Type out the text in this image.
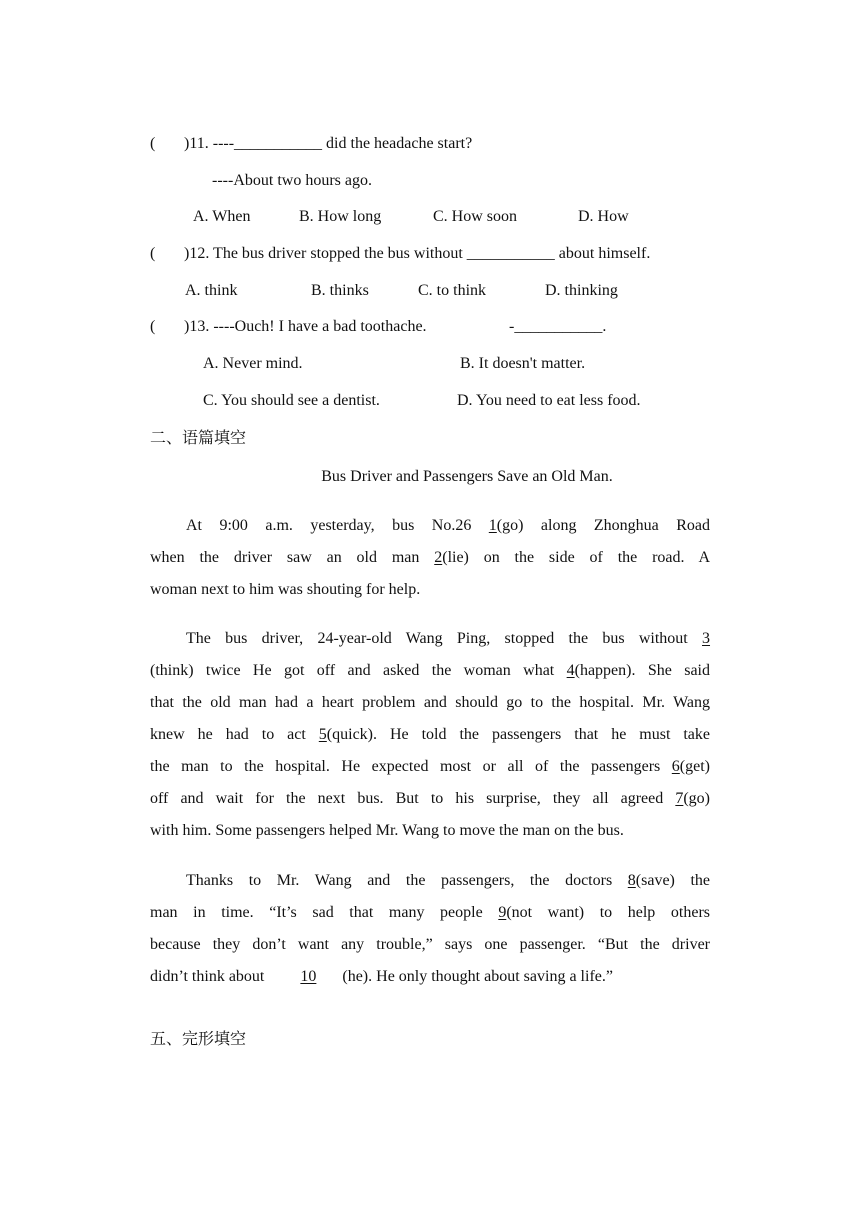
( )11. ----___________ did the headache start?
----About two hours ago.
A. When	B. How long	C. How soon	D. How
( )12. The bus driver stopped the bus without ___________ about himself.
A. think	B. thinks	C. to think	D. thinking
( )13. ----Ouch! I have a bad toothache.	-___________.
A. Never mind.	B. It doesn't matter.
C. You should see a dentist.	D. You need to eat less food.
二、语篇填空
Bus Driver and Passengers Save an Old Man.
At 9:00 a.m. yesterday, bus No.26 1(go) along Zhonghua Road
when the driver saw an old man 2(lie) on the side of the road. A
woman next to him was shouting for help.
The bus driver, 24-year-old Wang Ping, stopped the bus without 3
(think) twice He got off and asked the woman what 4(happen). She said
that the old man had a heart problem and should go to the hospital. Mr. Wang
knew he had to act 5(quick). He told the passengers that he must take
the man to the hospital. He expected most or all of the passengers 6(get)
off and wait for the next bus. But to his surprise, they all agreed 7(go)
with him. Some passengers helped Mr. Wang to move the man on the bus.
Thanks to Mr. Wang and the passengers, the doctors 8(save) the
man in time. “It’s sad that many people 9(not want) to help others
because they don’t want any trouble,” says one passenger. “But the driver
didn’t think about 10 (he). He only thought about saving a life.”
五、完形填空
